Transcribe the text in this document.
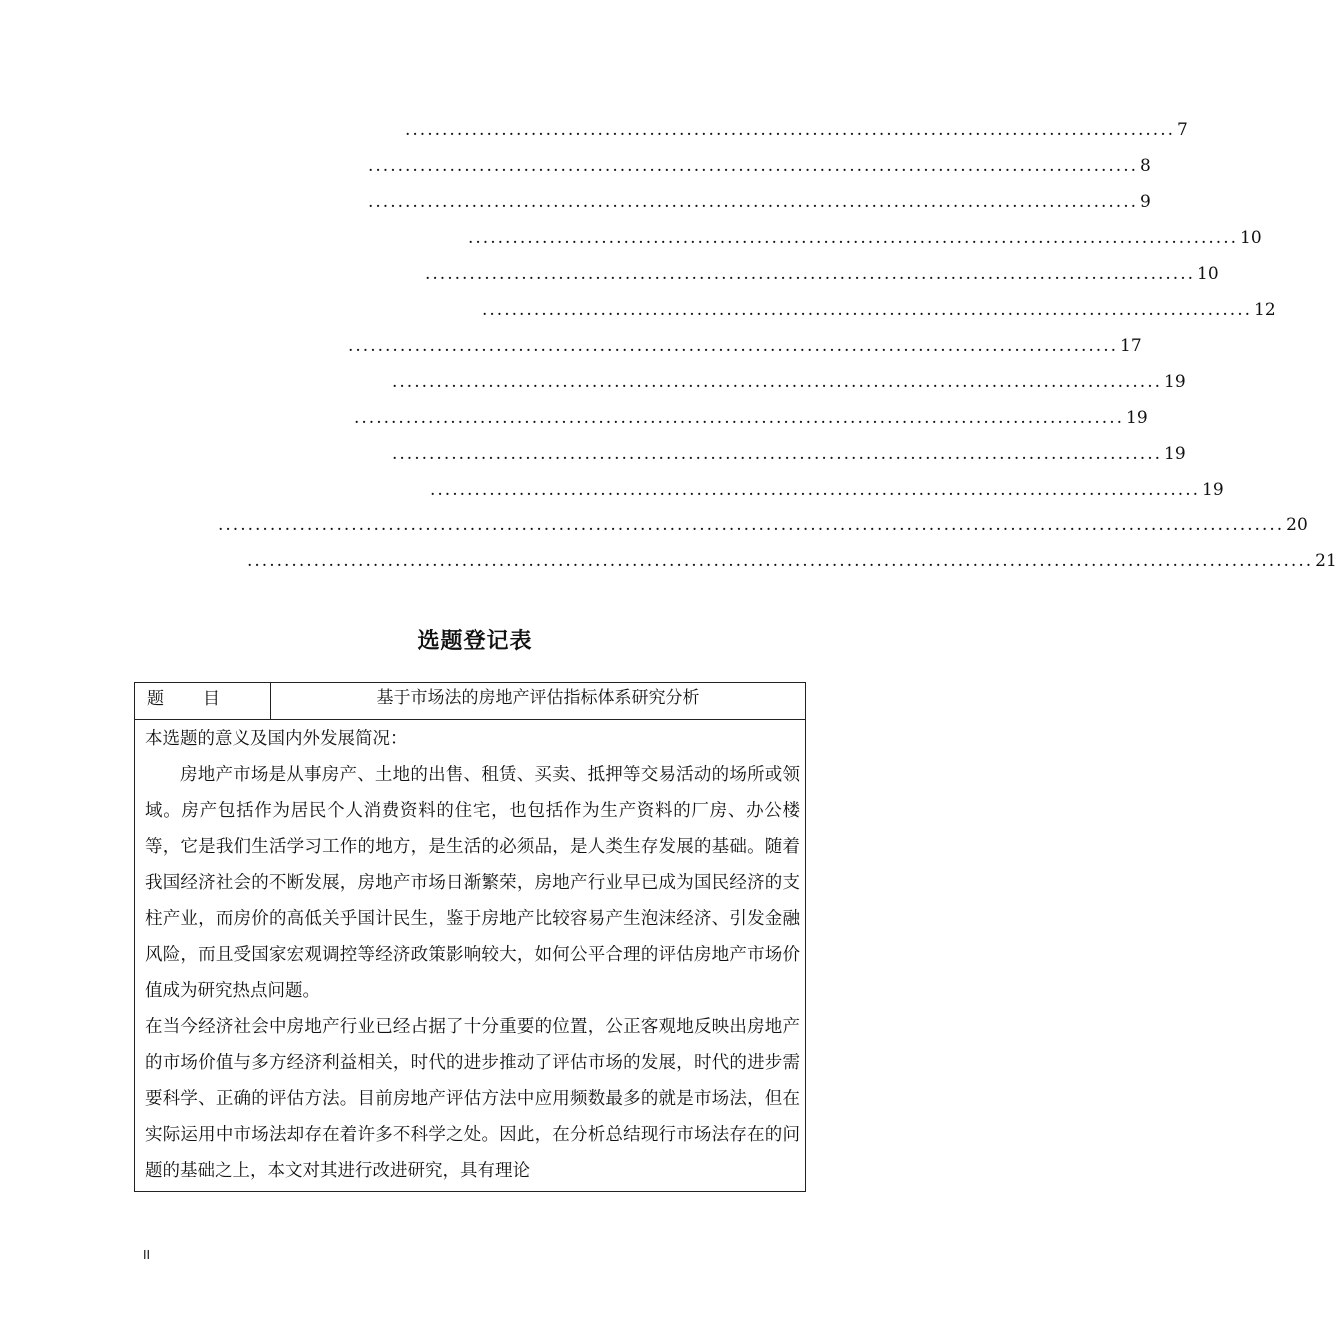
........................................................................................................ 7
........................................................................................................ 8
........................................................................................................ 9
........................................................................................................ 10
........................................................................................................ 10
........................................................................................................ 12
........................................................................................................ 17
........................................................................................................ 19
........................................................................................................ 19
........................................................................................................ 19
........................................................................................................ 19
................................................................................................................................................ 20
................................................................................................................................................ 21
选题登记表
题 目	基于市场法的房地产评估指标体系研究分析

本选题的意义及国内外发展简况：

房地产市场是从事房产、土地的出售、租赁、买卖、抵押等交易活动的场所或领域。房产包括作为居民个人消费资料的住宅，也包括作为生产资料的厂房、办公楼等，它是我们生活学习工作的地方，是生活的必须品，是人类生存发展的基础。随着我国经济社会的不断发展，房地产市场日渐繁荣，房地产行业早已成为国民经济的支柱产业，而房价的高低关乎国计民生，鉴于房地产比较容易产生泡沫经济、引发金融风险，而且受国家宏观调控等经济政策影响较大，如何公平合理的评估房地产市场价值成为研究热点问题。

在当今经济社会中房地产行业已经占据了十分重要的位置，公正客观地反映出房地产的市场价值与多方经济利益相关，时代的进步推动了评估市场的发展，时代的进步需要科学、正确的评估方法。目前房地产评估方法中应用频数最多的就是市场法，但在实际运用中市场法却存在着许多不科学之处。因此，在分析总结现行市场法存在的问题的基础之上，本文对其进行改进研究，具有理论

II
